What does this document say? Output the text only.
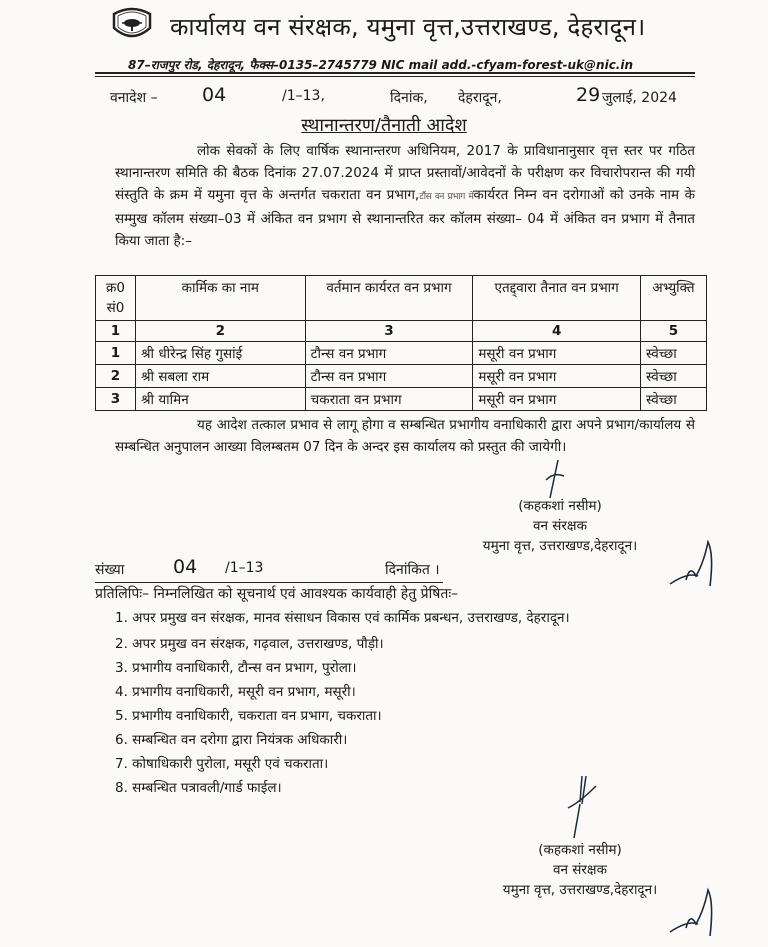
कार्यालय वन संरक्षक, यमुना वृत्त,उत्तराखण्ड, देहरादून।
87–राजपुर रोड, देहरादून, फैक्स–0135–2745779 NIC mail add.-cfyam-forest-uk@nic.in
वनादेश – 04	/1–13,	दिनांक, देहरादून,	29 जुलाई, 2024
स्थानान्तरण/तैनाती आदेश
लोक सेवकों के लिए वार्षिक स्थानान्तरण अधिनियम, 2017 के प्राविधानानुसार वृत्त स्तर पर गठित स्थानान्तरण समिति की बैठक दिनांक 27.07.2024 में प्राप्त प्रस्तावों/आवेदनों के परीक्षण कर विचारोपरान्त की गयी संस्तुति के क्रम में यमुना वृत्त के अन्तर्गत चकराता वन प्रभाग,टौंस वन प्रभाग मेंकार्यरत निम्न वन दरोगाओं को उनके नाम के सम्मुख कॉलम संख्या–03 में अंकित वन प्रभाग से स्थानान्तरित कर कॉलम संख्या– 04 में अंकित वन प्रभाग में तैनात किया जाता है:–
क्र0 सं0	कार्मिक का नाम	वर्तमान कार्यरत वन प्रभाग	एतद्द्वारा तैनात वन प्रभाग	अभ्युक्ति
1	2	3	4	5
1	श्री धीरेन्द्र सिंह गुसांई	टौन्स वन प्रभाग	मसूरी वन प्रभाग	स्वेच्छा
2	श्री सबला राम	टौन्स वन प्रभाग	मसूरी वन प्रभाग	स्वेच्छा
3	श्री यामिन	चकराता वन प्रभाग	मसूरी वन प्रभाग	स्वेच्छा
यह आदेश तत्काल प्रभाव से लागू होगा व सम्बन्धित प्रभागीय वनाधिकारी द्वारा अपने प्रभाग/कार्यालय से सम्बन्धित अनुपालन आख्या विलम्बतम 07 दिन के अन्दर इस कार्यालय को प्रस्तुत की जायेगी।
(कहकशां नसीम)
वन संरक्षक
यमुना वृत्त, उत्तराखण्ड,देहरादून।
संख्या	04 /1–13	दिनांकित ।
प्रतिलिपिः– निम्नलिखित को सूचनार्थ एवं आवश्यक कार्यवाही हेतु प्रेषितः–
1. अपर प्रमुख वन संरक्षक, मानव संसाधन विकास एवं कार्मिक प्रबन्धन, उत्तराखण्ड, देहरादून।
2. अपर प्रमुख वन संरक्षक, गढ़वाल, उत्तराखण्ड, पौड़ी।
3. प्रभागीय वनाधिकारी, टौन्स वन प्रभाग, पुरोला।
4. प्रभागीय वनाधिकारी, मसूरी वन प्रभाग, मसूरी।
5. प्रभागीय वनाधिकारी, चकराता वन प्रभाग, चकराता।
6. सम्बन्धित वन दरोगा द्वारा नियंत्रक अधिकारी।
7. कोषाधिकारी पुरोला, मसूरी एवं चकराता।
8. सम्बन्धित पत्रावली/गार्ड फाईल।
(कहकशां नसीम)
वन संरक्षक
यमुना वृत्त, उत्तराखण्ड,देहरादून।
